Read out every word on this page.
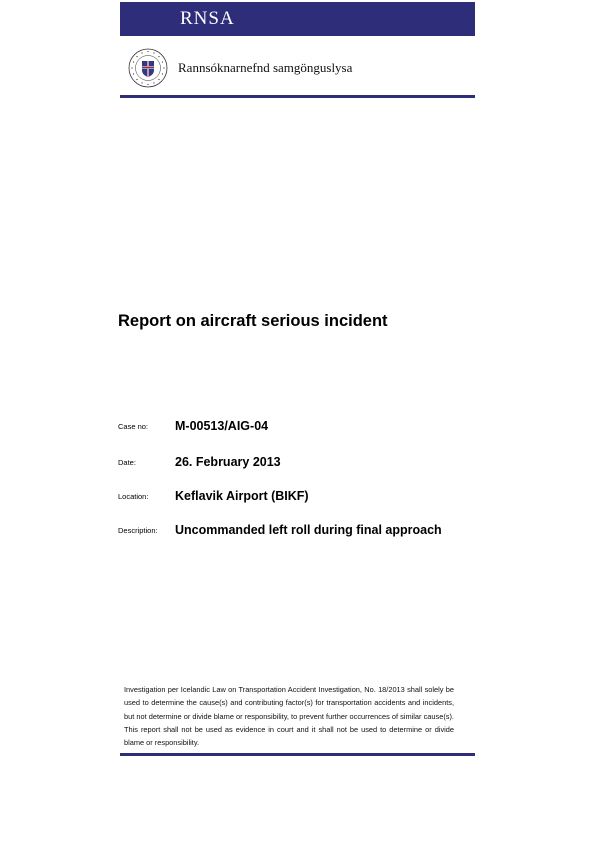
RNSA
Rannsóknarnefnd samgönguslysa
Report on aircraft serious incident
Case no: M-00513/AIG-04
Date:	26. February 2013
Location: Keflavik Airport (BIKF)
Description: Uncommanded left roll during final approach
Investigation per Icelandic Law on Transportation Accident Investigation, No. 18/2013 shall solely be used to determine the cause(s) and contributing factor(s) for transportation accidents and incidents, but not determine or divide blame or responsibility, to prevent further occurrences of similar cause(s). This report shall not be used as evidence in court and it shall not be used to determine or divide blame or responsibility.
